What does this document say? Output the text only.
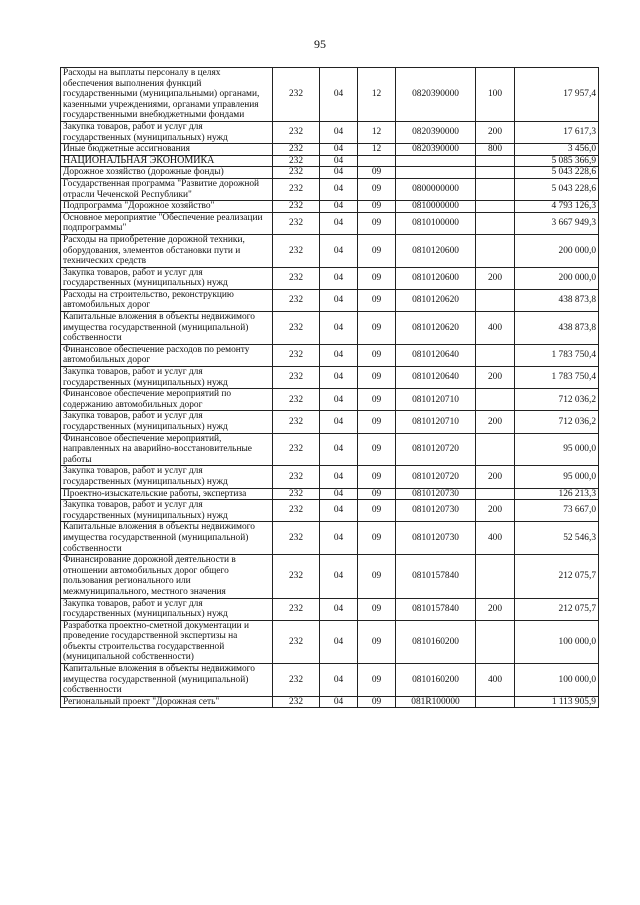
95
Расходы на выплаты персоналу в целях обеспечения выполнения функций государственными (муниципальными) органами, казенными учреждениями, органами управления государственными внебюджетными фондами	232	04	12	0820390000	100	17 957,4
Закупка товаров, работ и услуг для государственных (муниципальных) нужд	232	04	12	0820390000	200	17 617,3
Иные бюджетные ассигнования	232	04	12	0820390000	800	3 456,0
НАЦИОНАЛЬНАЯ ЭКОНОМИКА	232	04				5 085 366,9
Дорожное хозяйство (дорожные фонды)	232	04	09			5 043 228,6
Государственная программа "Развитие дорожной отрасли Чеченской Республики"	232	04	09	0800000000		5 043 228,6
Подпрограмма "Дорожное хозяйство"	232	04	09	0810000000		4 793 126,3
Основное мероприятие "Обеспечение реализации подпрограммы"	232	04	09	0810100000		3 667 949,3
Расходы на приобретение дорожной техники, оборудования, элементов обстановки пути и технических средств	232	04	09	0810120600		200 000,0
Закупка товаров, работ и услуг для государственных (муниципальных) нужд	232	04	09	0810120600	200	200 000,0
Расходы на строительство, реконструкцию автомобильных дорог	232	04	09	0810120620		438 873,8
Капитальные вложения в объекты недвижимого имущества государственной (муниципальной) собственности	232	04	09	0810120620	400	438 873,8
Финансовое обеспечение расходов по ремонту автомобильных дорог	232	04	09	0810120640		1 783 750,4
Закупка товаров, работ и услуг для государственных (муниципальных) нужд	232	04	09	0810120640	200	1 783 750,4
Финансовое обеспечение мероприятий по содержанию автомобильных дорог	232	04	09	0810120710		712 036,2
Закупка товаров, работ и услуг для государственных (муниципальных) нужд	232	04	09	0810120710	200	712 036,2
Финансовое обеспечение мероприятий, направленных на аварийно-восстановительные работы	232	04	09	0810120720		95 000,0
Закупка товаров, работ и услуг для государственных (муниципальных) нужд	232	04	09	0810120720	200	95 000,0
Проектно-изыскательские работы, экспертиза	232	04	09	0810120730		126 213,3
Закупка товаров, работ и услуг для государственных (муниципальных) нужд	232	04	09	0810120730	200	73 667,0
Капитальные вложения в объекты недвижимого имущества государственной (муниципальной) собственности	232	04	09	0810120730	400	52 546,3
Финансирование дорожной деятельности в отношении автомобильных дорог общего пользования регионального или межмуниципального, местного значения	232	04	09	0810157840		212 075,7
Закупка товаров, работ и услуг для государственных (муниципальных) нужд	232	04	09	0810157840	200	212 075,7
Разработка проектно-сметной документации и проведение государственной экспертизы на объекты строительства государственной (муниципальной собственности)	232	04	09	0810160200		100 000,0
Капитальные вложения в объекты недвижимого имущества государственной (муниципальной) собственности	232	04	09	0810160200	400	100 000,0
Региональный проект "Дорожная сеть"	232	04	09	081R100000		1 113 905,9
